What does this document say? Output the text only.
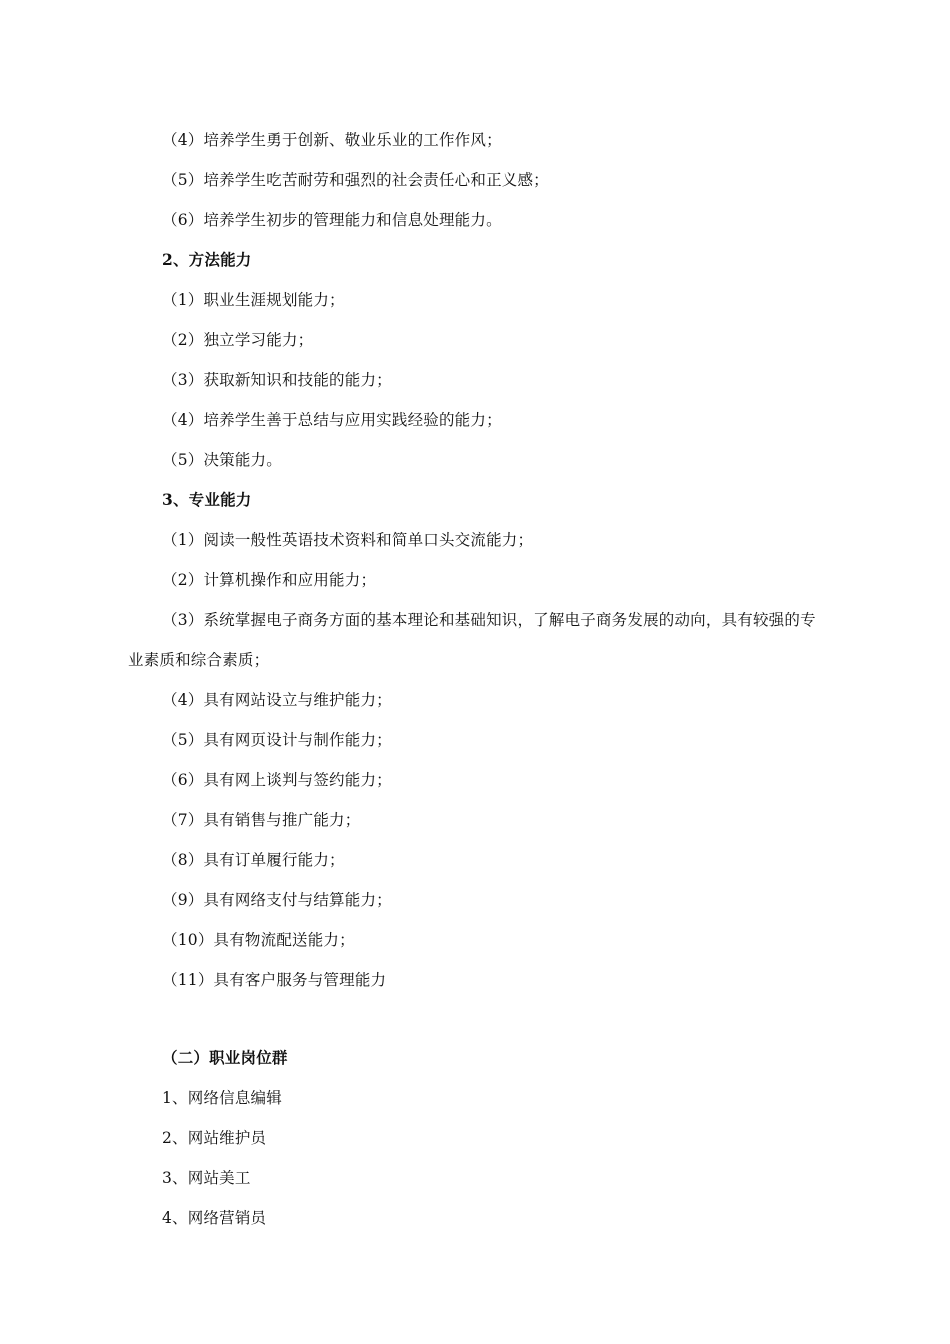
（4）培养学生勇于创新、敬业乐业的工作作风；
（5）培养学生吃苦耐劳和强烈的社会责任心和正义感；
（6）培养学生初步的管理能力和信息处理能力。
2、方法能力
（1）职业生涯规划能力；
（2）独立学习能力；
（3）获取新知识和技能的能力；
（4）培养学生善于总结与应用实践经验的能力；
（5）决策能力。
3、专业能力
（1）阅读一般性英语技术资料和简单口头交流能力；
（2）计算机操作和应用能力；
（3）系统掌握电子商务方面的基本理论和基础知识，了解电子商务发展的动向，具有较强的专业素质和综合素质；
（4）具有网站设立与维护能力；
（5）具有网页设计与制作能力；
（6）具有网上谈判与签约能力；
（7）具有销售与推广能力；
（8）具有订单履行能力；
（9）具有网络支付与结算能力；
（10）具有物流配送能力；
（11）具有客户服务与管理能力
（二）职业岗位群
1、网络信息编辑
2、网站维护员
3、网站美工
4、网络营销员
